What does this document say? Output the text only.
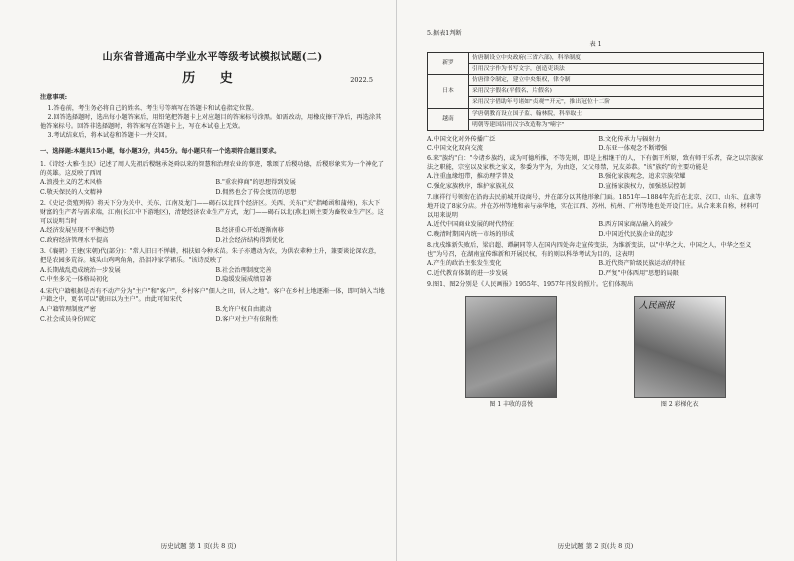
山东省普通高中学业水平等级考试模拟试题(二)
历 史	2022.5
注意事项:

1.答卷前，考生务必将自己的姓名、考生号等填写在答题卡和试卷指定位置。

2.回答选择题时，选出每小题答案后，用铅笔把答题卡上对应题目的答案标号涂黑。如需改动，用橡皮擦干净后，再选涂其他答案标号。回答非选择题时，将答案写在答题卡上，写在本试卷上无效。

3.考试结束后，将本试卷和答题卡一并交回。

一、选择题:本题共15小题，每小题3分，共45分。每小题只有一个选项符合题目要求。

1.《诗经·大雅·生民》记述了周人先祖后稷继承尧舜以来的智慧和治理农业的事迹，歌颂了后稷功德，后稷形象实为一个神化了的英雄。这反映了西周

A.浪漫主义的艺术风格	B."重农抑商"的思想得到发展
C.敬天保民的人文精神	D.佣然也会了传会度历的思想

2.《史记·货殖列传》将天下分为关中、关东、江南及龙门——碣石以北四个经济区。关西、关东("关"指崤函和蒲州)，东大下财富的生产者与需求端，江南(长江中下游地区)，清楚经济农业生产方式，龙门——碣石以北(燕北)则主要为畜牧业生产区。这可以说明当时

A.经济发展呈现不平衡趋势	B.经济重心开始逐渐南移
C.政府经济管理水平提高	D.社会经济结构得到优化

3.《襄朝》王建(宋朝)代(部分)："常人旧日不惮耕，相扶如今种禾苗。朱子亦遭动为农，为供农辈种土升，兼要谈论深农意，把是农园多荒谷。城头山鸡鸣角角，沿泪冲家学裙乐。"该诗反映了

A.长期战乱造成统治一步发展	B.社会治理制度完善
C.中坐多元一体格局初化	D.隐缓发展成绩显著

4.宋代户籍根据是否有不动产分为"主户"和"客户"，乡村客户"佃人之田，居人之地"。客户在乡村上地逐渐一体，即可纳入当地户籍之中，更名可以"就田以为主户"。由此可知宋代

A.户籍管理制度严密	B.允许户权自由流动
C.社会成员身份固定	D.客户对主户有依附性
历史试题 第 1 页(共 8 页)
5.据表1判断
表 1
新罗	仿唐制设立中央政府(三省六部)，科举制度
	引用汉字作为书写文字，创造吏读法
日本	仿唐律令制定，建立中央集权，律令制
	采用汉字假名(平假名、片假名)
	采用汉字借助年号诸如"贞观""开元"，推出冠位十二阶
越南	学唐朝教育设立国子监、翰林院，科举取士
	明朝等建国沿用汉字改造称为"喃字"
A.中国文化对外传播广泛	B.文化传承力与辐射力
C.中国文化双向交流	D.东亚一体观念不断增强

6.来"族约"白："今诸乡族约，或为可德所推，不等先则，即是上相继干的人，下有偶干所原，致有师干乐者，奋之以宗族家法之职能，宗室以及家秩之家义，参委为宇为，为由迩，父父母禁，兄友弟恭。"该"族约"的主要功能是

A.注重血缘纽带，推动理学普及	B.强化家族观念，追求宗族荣耀
C.强化家族秩序，维护家族礼仪	D.宣扬家族权力，加强基层控制

7.康祥行号领衔在沿海去民前城开设商号，并在部分以其他形象门面。1851年—1884年先后在北京、汉口、山东、直隶等地开设了8家分店。并在苏州等地和亲与亲华地，实在江西、苏州、杭州、广州等地也处开设门庄。从合来来自称，材料可以用来说明

A.近代中国商业发展的时代特征	B.西方国家商品输入的减少
C.晚清时期国内统一市场的形成	D.中国近代民族企业的起步

8.戊戌维新失败后，梁启超、谭嗣同等人在国内四处奔走宣传变法，为维新变法，以"中华之大、中国之人，中华之至义也"为号召，在湖南宣传维新和开展民权，有的则以科举考试为目的，这表明

A.产生的政治主张发生变化	B.近代资产阶级民族运动的特征
C.近代教育体制的进一步发展	D.严复"中体西用"思想的局限

9.图1、图2分别是《人民画报》1955年、1957年刊发的照片。它们体现出

图 1 丰收的喜悦
人民画报
图 2 彩梯化衣
历史试题 第 2 页(共 8 页)
